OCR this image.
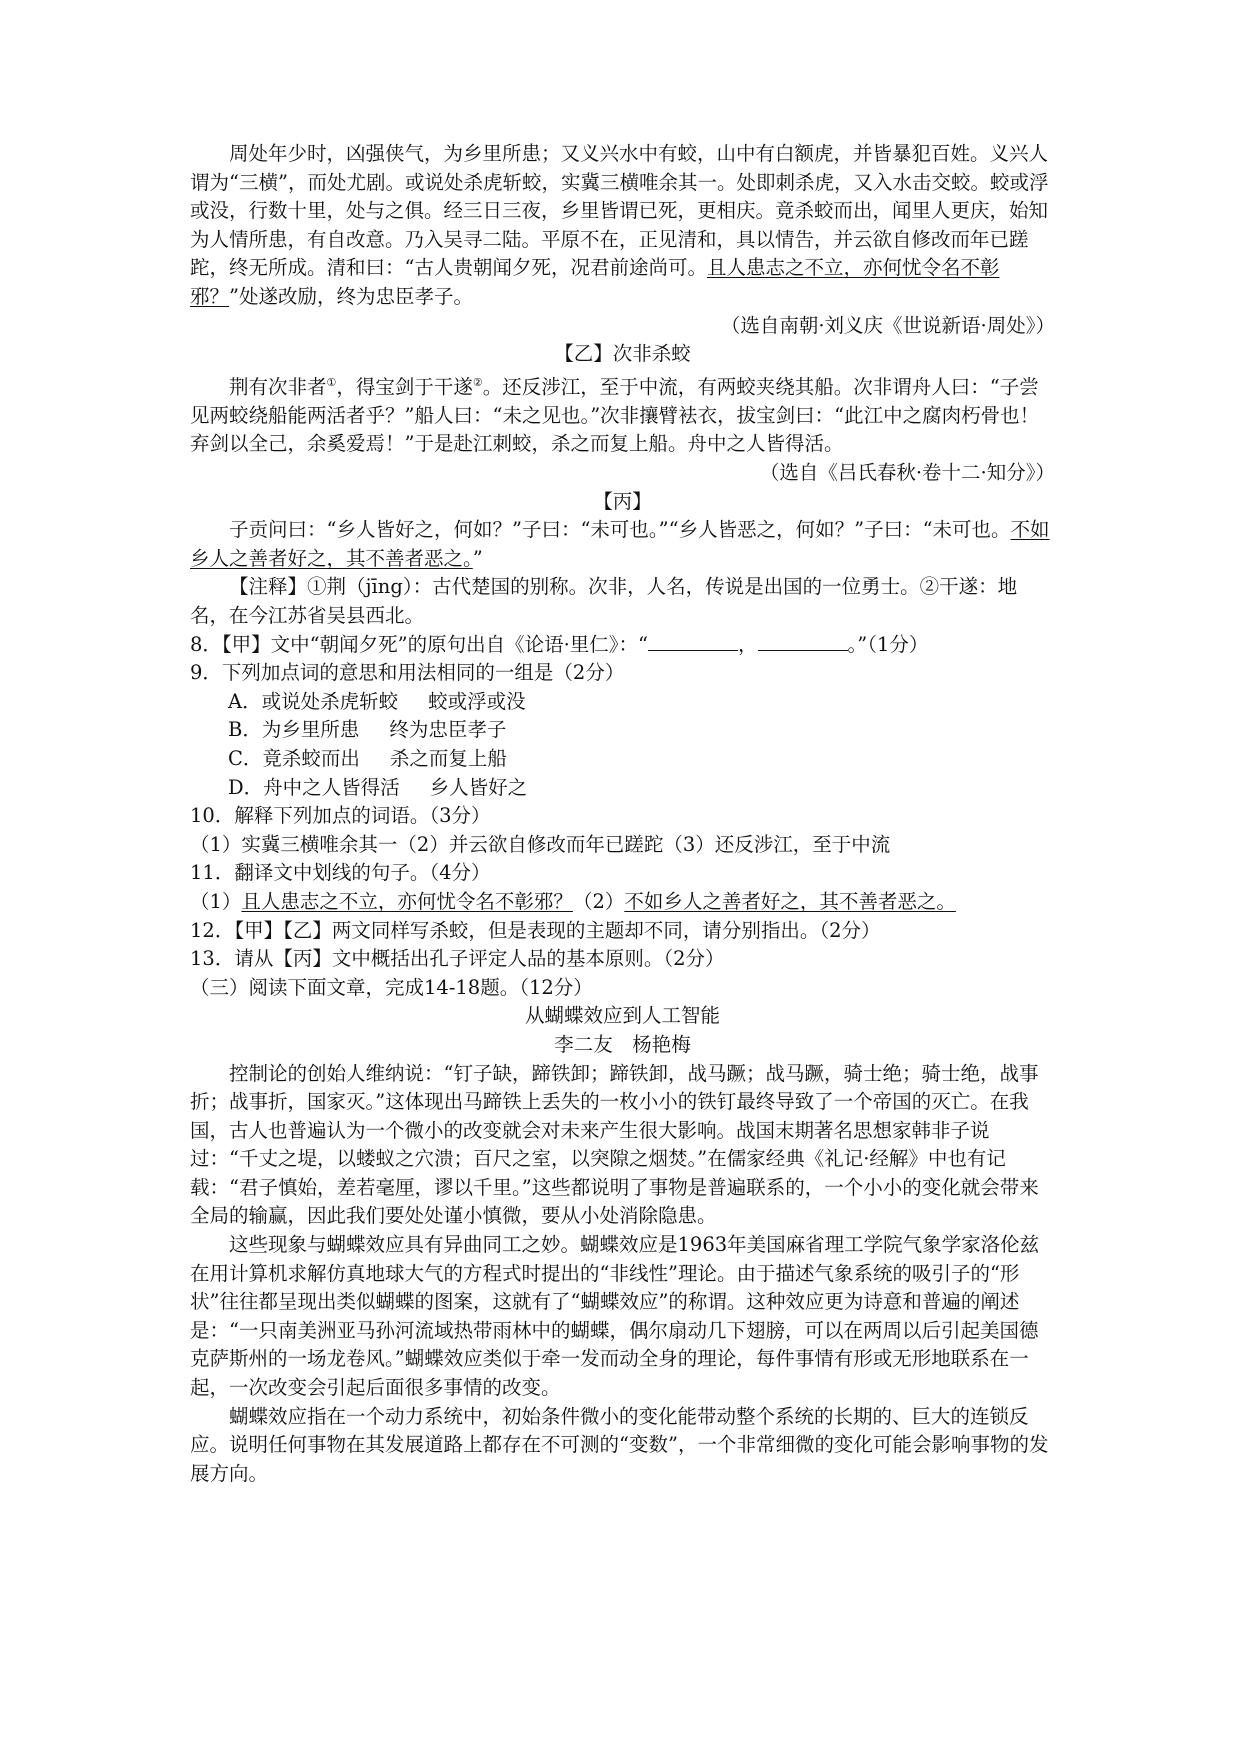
周处年少时，凶强侠气，为乡里所患；又义兴水中有蛟，山中有白额虎，并皆暴犯百姓。义兴人谓为“三横”，而处尤剧。或说处杀虎斩蛟，实冀三横唯余其一。处即刺杀虎，又入水击交蛟。蛟或浮或没，行数十里，处与之俱。经三日三夜，乡里皆谓已死，更相庆。竟杀蛟而出，闻里人更庆，始知为人情所患，有自改意。乃入吴寻二陆。平原不在，正见清和，具以情告，并云欲自修改而年已蹉跎，终无所成。清和曰：“古人贵朝闻夕死，况君前途尚可。且人患志之不立，亦何忧令名不彰邪？”处遂改励，终为忠臣孝子。

（选自南朝·刘义庆《世说新语·周处》）

【乙】次非杀蛟

荆有次非者①，得宝剑于干遂②。还反涉江，至于中流，有两蛟夹绕其船。次非谓舟人曰：“子尝见两蛟绕船能两活者乎？”船人曰：“未之见也。”次非攘臂袪衣，拔宝剑曰：“此江中之腐肉朽骨也！弃剑以全己，余奚爱焉！”于是赴江刺蛟，杀之而复上船。舟中之人皆得活。

（选自《吕氏春秋·卷十二·知分》）

【丙】

子贡问曰：“乡人皆好之，何如？”子曰：“未可也。”“乡人皆恶之，何如？”子曰：“未可也。不如乡人之善者好之，其不善者恶之。”

【注释】①荆（jīng）：古代楚国的别称。次非，人名，传说是出国的一位勇士。②干遂：地名，在今江苏省吴县西北。

8．【甲】文中“朝闻夕死”的原句出自《论语·里仁》：“	，	。”（1分）

9．下列加点词的意思和用法相同的一组是（2分）

A．或说处杀虎斩蛟 蛟或浮或没

B．为乡里所患 终为忠臣孝子

C．竟杀蛟而出 杀之而复上船

D．舟中之人皆得活 乡人皆好之

10．解释下列加点的词语。（3分）

（1）实冀三横唯余其一（2）并云欲自修改而年已蹉跎（3）还反涉江，至于中流

11．翻译文中划线的句子。（4分）

（1）且人患志之不立，亦何忧令名不彰邪？（2）不如乡人之善者好之，其不善者恶之。

12．【甲】【乙】两文同样写杀蛟，但是表现的主题却不同，请分别指出。（2分）

13．请从【丙】文中概括出孔子评定人品的基本原则。（2分）

（三）阅读下面文章，完成14-18题。（12分）

从蝴蝶效应到人工智能

李二友　杨艳梅

控制论的创始人维纳说：“钉子缺，蹄铁卸；蹄铁卸，战马蹶；战马蹶，骑士绝；骑士绝，战事折；战事折，国家灭。”这体现出马蹄铁上丢失的一枚小小的铁钉最终导致了一个帝国的灭亡。在我国，古人也普遍认为一个微小的改变就会对未来产生很大影响。战国末期著名思想家韩非子说过：“千丈之堤，以蝼蚁之穴溃；百尺之室，以突隙之烟焚。”在儒家经典《礼记·经解》中也有记载：“君子慎始，差若毫厘，谬以千里。”这些都说明了事物是普遍联系的，一个小小的变化就会带来全局的输赢，因此我们要处处谨小慎微，要从小处消除隐患。

这些现象与蝴蝶效应具有异曲同工之妙。蝴蝶效应是1963年美国麻省理工学院气象学家洛伦兹在用计算机求解仿真地球大气的方程式时提出的“非线性”理论。由于描述气象系统的吸引子的“形状”往往都呈现出类似蝴蝶的图案，这就有了“蝴蝶效应”的称谓。这种效应更为诗意和普遍的阐述是：“一只南美洲亚马孙河流域热带雨林中的蝴蝶，偶尔扇动几下翅膀，可以在两周以后引起美国德克萨斯州的一场龙卷风。”蝴蝶效应类似于牵一发而动全身的理论，每件事情有形或无形地联系在一起，一次改变会引起后面很多事情的改变。

蝴蝶效应指在一个动力系统中，初始条件微小的变化能带动整个系统的长期的、巨大的连锁反应。说明任何事物在其发展道路上都存在不可测的“变数”，一个非常细微的变化可能会影响事物的发展方向。
